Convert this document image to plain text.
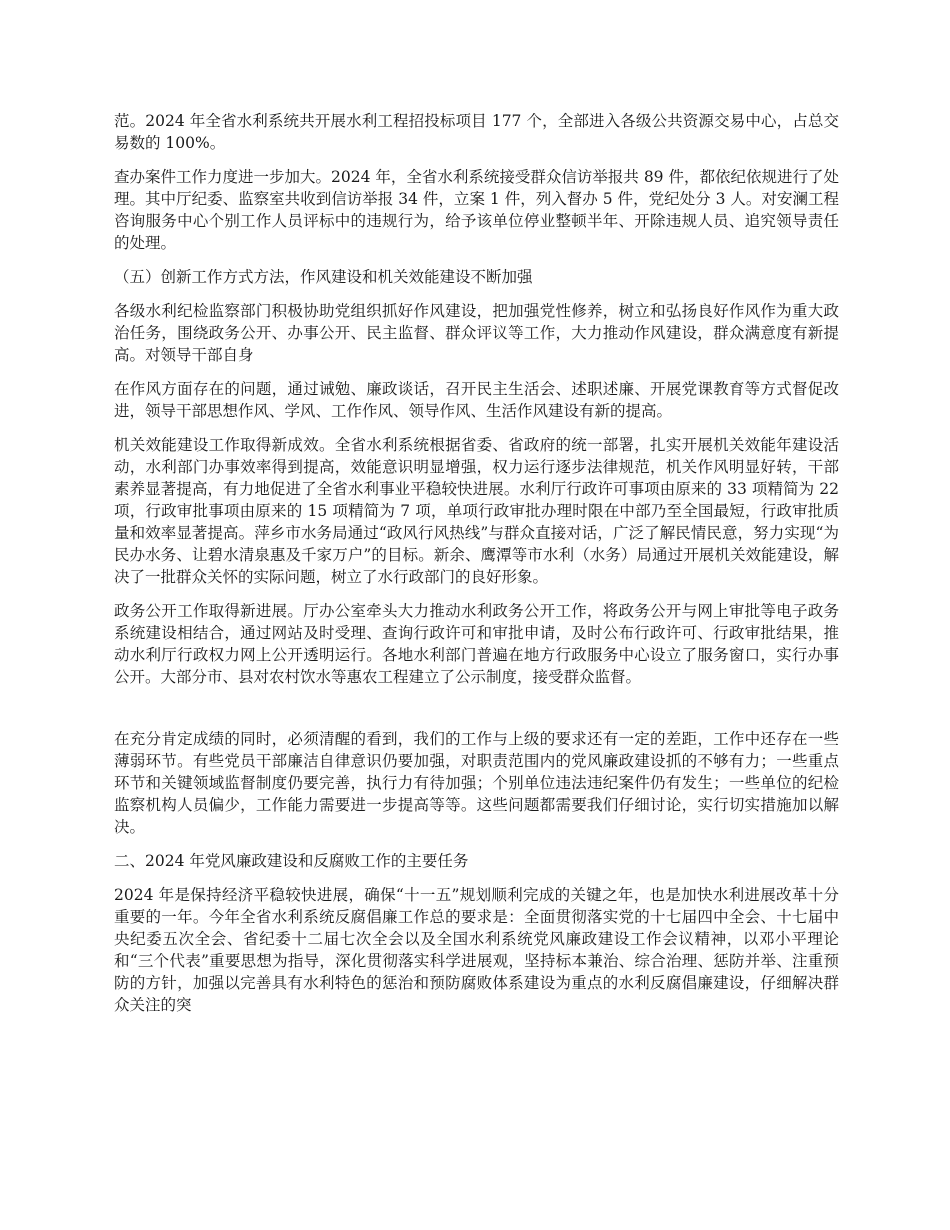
范。2024 年全省水利系统共开展水利工程招投标项目 177 个，全部进入各级公共资源交易中心，占总交易数的 100%。

查办案件工作力度进一步加大。2024 年，全省水利系统接受群众信访举报共 89 件，都依纪依规进行了处理。其中厅纪委、监察室共收到信访举报 34 件，立案 1 件，列入督办 5 件，党纪处分 3 人。对安澜工程咨询服务中心个别工作人员评标中的违规行为，给予该单位停业整顿半年、开除违规人员、追究领导责任的处理。

（五）创新工作方式方法，作风建设和机关效能建设不断加强

各级水利纪检监察部门积极协助党组织抓好作风建设，把加强党性修养，树立和弘扬良好作风作为重大政治任务，围绕政务公开、办事公开、民主监督、群众评议等工作，大力推动作风建设，群众满意度有新提高。对领导干部自身

在作风方面存在的问题，通过诫勉、廉政谈话，召开民主生活会、述职述廉、开展党课教育等方式督促改进，领导干部思想作风、学风、工作作风、领导作风、生活作风建设有新的提高。

机关效能建设工作取得新成效。全省水利系统根据省委、省政府的统一部署，扎实开展机关效能年建设活动，水利部门办事效率得到提高，效能意识明显增强，权力运行逐步法律规范，机关作风明显好转，干部素养显著提高，有力地促进了全省水利事业平稳较快进展。水利厅行政许可事项由原来的 33 项精简为 22 项，行政审批事项由原来的 15 项精简为 7 项，单项行政审批办理时限在中部乃至全国最短，行政审批质量和效率显著提高。萍乡市水务局通过“政风行风热线”与群众直接对话，广泛了解民情民意，努力实现“为民办水务、让碧水清泉惠及千家万户”的目标。新余、鹰潭等市水利（水务）局通过开展机关效能建设，解决了一批群众关怀的实际问题，树立了水行政部门的良好形象。

政务公开工作取得新进展。厅办公室牵头大力推动水利政务公开工作，将政务公开与网上审批等电子政务系统建设相结合，通过网站及时受理、查询行政许可和审批申请，及时公布行政许可、行政审批结果，推动水利厅行政权力网上公开透明运行。各地水利部门普遍在地方行政服务中心设立了服务窗口，实行办事公开。大部分市、县对农村饮水等惠农工程建立了公示制度，接受群众监督。

在充分肯定成绩的同时，必须清醒的看到，我们的工作与上级的要求还有一定的差距，工作中还存在一些薄弱环节。有些党员干部廉洁自律意识仍要加强，对职责范围内的党风廉政建设抓的不够有力；一些重点环节和关键领域监督制度仍要完善，执行力有待加强；个别单位违法违纪案件仍有发生；一些单位的纪检监察机构人员偏少，工作能力需要进一步提高等等。这些问题都需要我们仔细讨论，实行切实措施加以解决。

二、2024 年党风廉政建设和反腐败工作的主要任务

2024 年是保持经济平稳较快进展，确保“十一五”规划顺利完成的关键之年，也是加快水利进展改革十分重要的一年。今年全省水利系统反腐倡廉工作总的要求是：全面贯彻落实党的十七届四中全会、十七届中央纪委五次全会、省纪委十二届七次全会以及全国水利系统党风廉政建设工作会议精神，以邓小平理论和“三个代表”重要思想为指导，深化贯彻落实科学进展观，坚持标本兼治、综合治理、惩防并举、注重预防的方针，加强以完善具有水利特色的惩治和预防腐败体系建设为重点的水利反腐倡廉建设，仔细解决群众关注的突
